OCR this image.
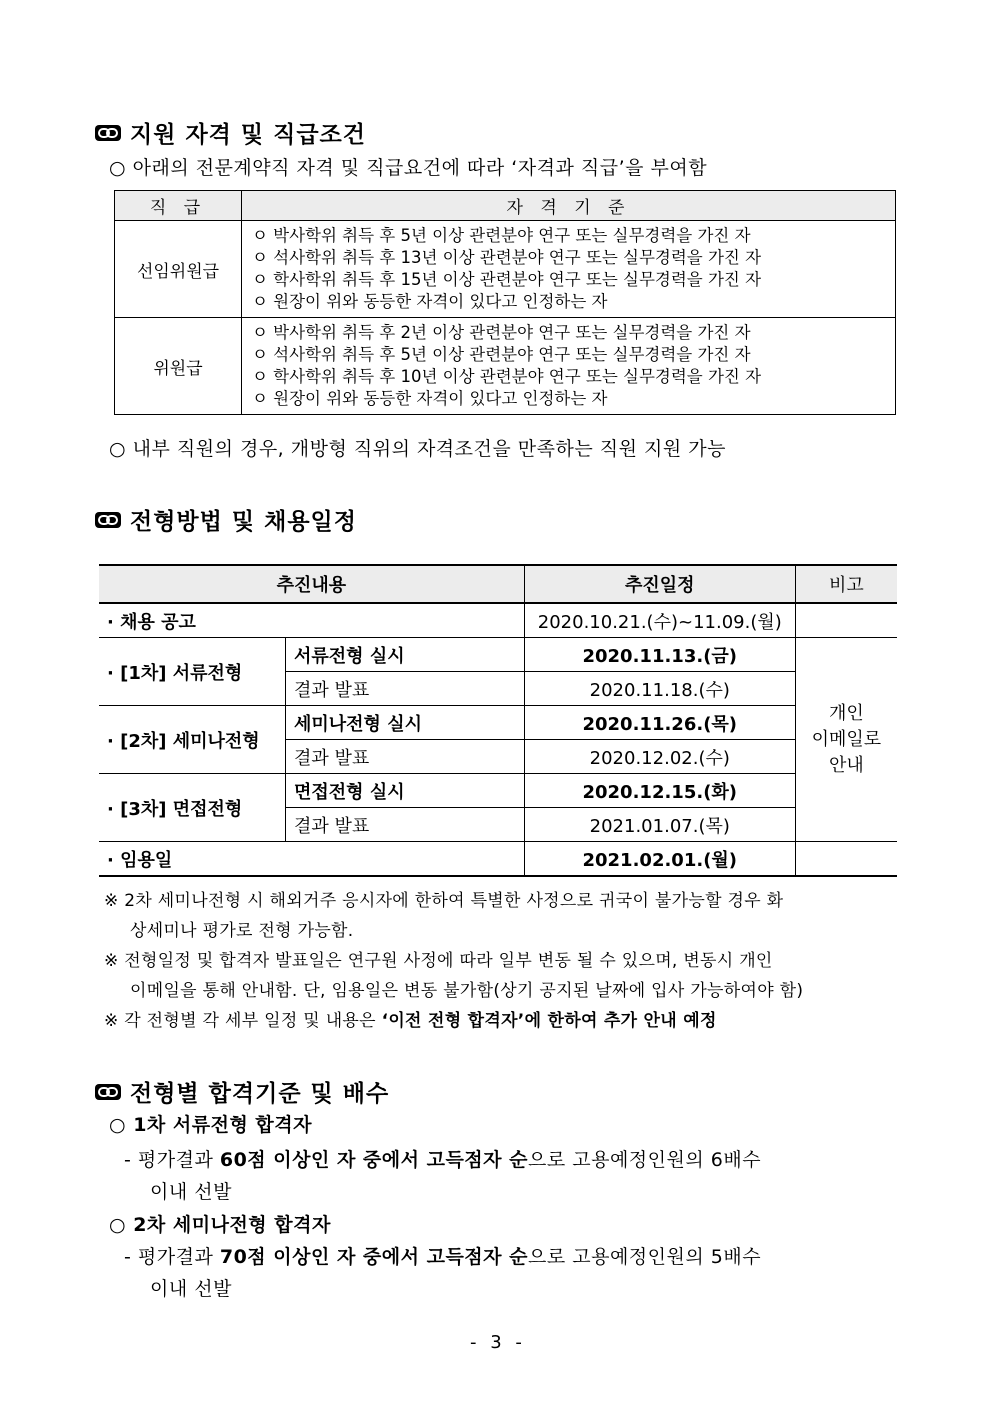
지원 자격 및 직급조건
○ 아래의 전문계약직 자격 및 직급요건에 따라 ‘자격과 직급’을 부여함
직 급	자 격 기 준
선임위원급	ㅇ 박사학위 취득 후 5년 이상 관련분야 연구 또는 실무경력을 가진 자
ㅇ 석사학위 취득 후 13년 이상 관련분야 연구 또는 실무경력을 가진 자
ㅇ 학사학위 취득 후 15년 이상 관련분야 연구 또는 실무경력을 가진 자
ㅇ 원장이 위와 동등한 자격이 있다고 인정하는 자

위원급	ㅇ 박사학위 취득 후 2년 이상 관련분야 연구 또는 실무경력을 가진 자
ㅇ 석사학위 취득 후 5년 이상 관련분야 연구 또는 실무경력을 가진 자
ㅇ 학사학위 취득 후 10년 이상 관련분야 연구 또는 실무경력을 가진 자
ㅇ 원장이 위와 동등한 자격이 있다고 인정하는 자
○ 내부 직원의 경우, 개방형 직위의 자격조건을 만족하는 직원 지원 가능
전형방법 및 채용일정
추진내용		추진일정	비고
· 채용 공고		2020.10.21.(수)~11.09.(월)	
· [1차] 서류전형	서류전형 실시	2020.11.13.(금)	개인
이메일로
안내

	결과 발표	2020.11.18.(수)	
· [2차] 세미나전형	세미나전형 실시	2020.11.26.(목)	
	결과 발표	2020.12.02.(수)	
· [3차] 면접전형	면접전형 실시	2020.12.15.(화)	
	결과 발표	2021.01.07.(목)	
· 임용일		2021.02.01.(월)	
※ 2차 세미나전형 시 해외거주 응시자에 한하여 특별한 사정으로 귀국이 불가능할 경우 화
상세미나 평가로 전형 가능함.
※ 전형일정 및 합격자 발표일은 연구원 사정에 따라 일부 변동 될 수 있으며, 변동시 개인
이메일을 통해 안내함. 단, 임용일은 변동 불가함(상기 공지된 날짜에 입사 가능하여야 함)
※ 각 전형별 각 세부 일정 및 내용은 ‘이전 전형 합격자’에 한하여 추가 안내 예정
전형별 합격기준 및 배수
○ 1차 서류전형 합격자
- 평가결과 60점 이상인 자 중에서 고득점자 순으로 고용예정인원의 6배수
이내 선발
○ 2차 세미나전형 합격자
- 평가결과 70점 이상인 자 중에서 고득점자 순으로 고용예정인원의 5배수
이내 선발
- 3 -
